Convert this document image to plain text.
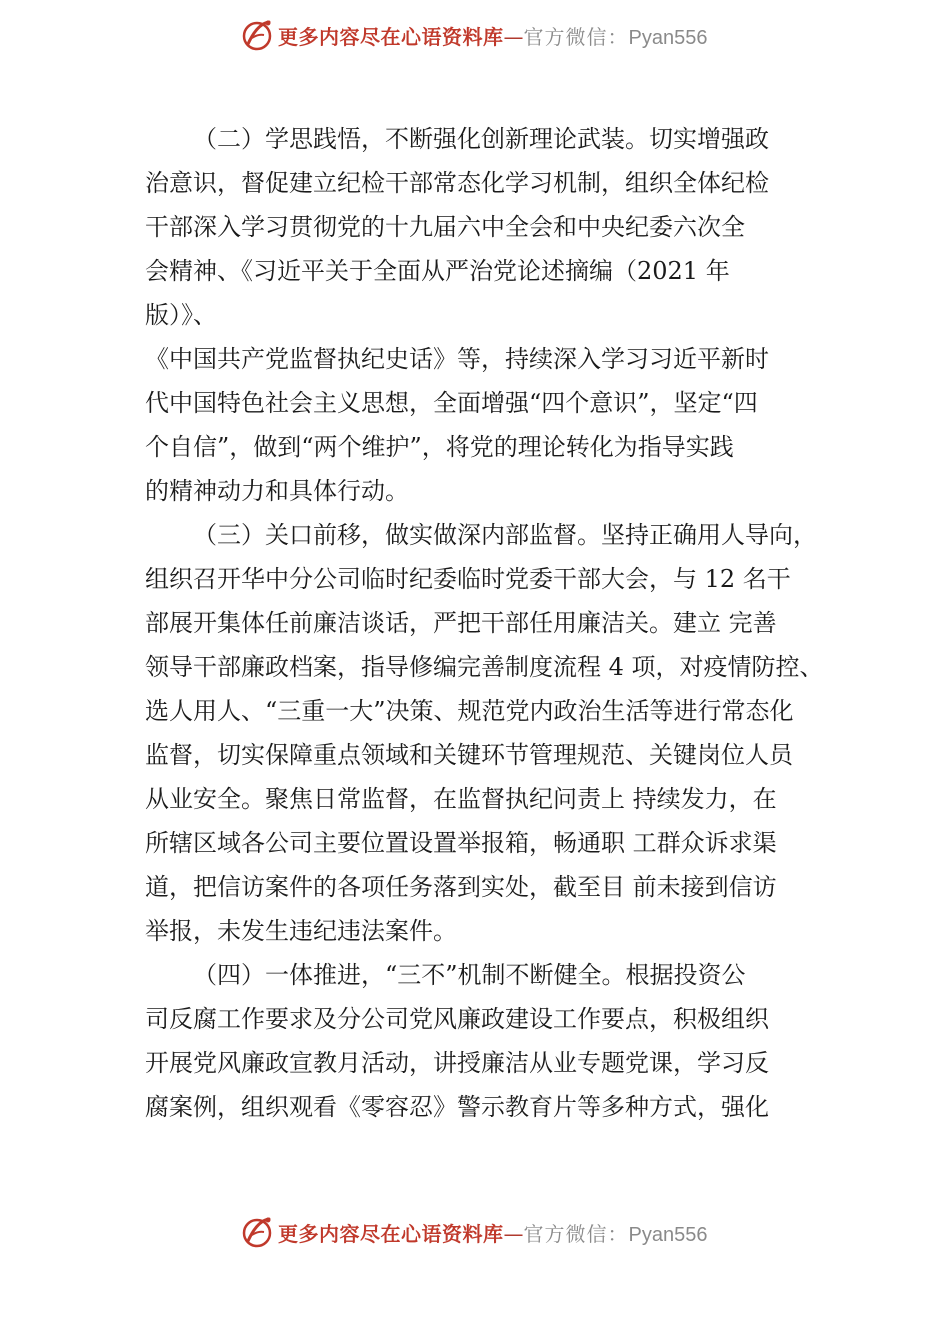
更多内容尽在心语资料库—官方微信：Pyan556
（二）学思践悟，不断强化创新理论武装。切实增强政
治意识，督促建立纪检干部常态化学习机制，组织全体纪检
干部深入学习贯彻党的十九届六中全会和中央纪委六次全
会精神、《习近平关于全面从严治党论述摘编（2021 年
版）》、
《中国共产党监督执纪史话》等，持续深入学习习近平新时
代中国特色社会主义思想，全面增强“四个意识”，坚定“四
个自信”，做到“两个维护”，将党的理论转化为指导实践
的精神动力和具体行动。
（三）关口前移，做实做深内部监督。坚持正确用人导向，
组织召开华中分公司临时纪委临时党委干部大会，与 12 名干
部展开集体任前廉洁谈话，严把干部任用廉洁关。建立 完善
领导干部廉政档案，指导修编完善制度流程 4 项，对疫情防控、
选人用人、“三重一大”决策、规范党内政治生活等进行常态化
监督，切实保障重点领域和关键环节管理规范、关键岗位人员
从业安全。聚焦日常监督，在监督执纪问责上 持续发力，在
所辖区域各公司主要位置设置举报箱，畅通职 工群众诉求渠
道，把信访案件的各项任务落到实处，截至目 前未接到信访
举报，未发生违纪违法案件。
（四）一体推进，“三不”机制不断健全。根据投资公
司反腐工作要求及分公司党风廉政建设工作要点，积极组织
开展党风廉政宣教月活动，讲授廉洁从业专题党课，学习反
腐案例，组织观看《零容忍》警示教育片等多种方式，强化
更多内容尽在心语资料库—官方微信：Pyan556
